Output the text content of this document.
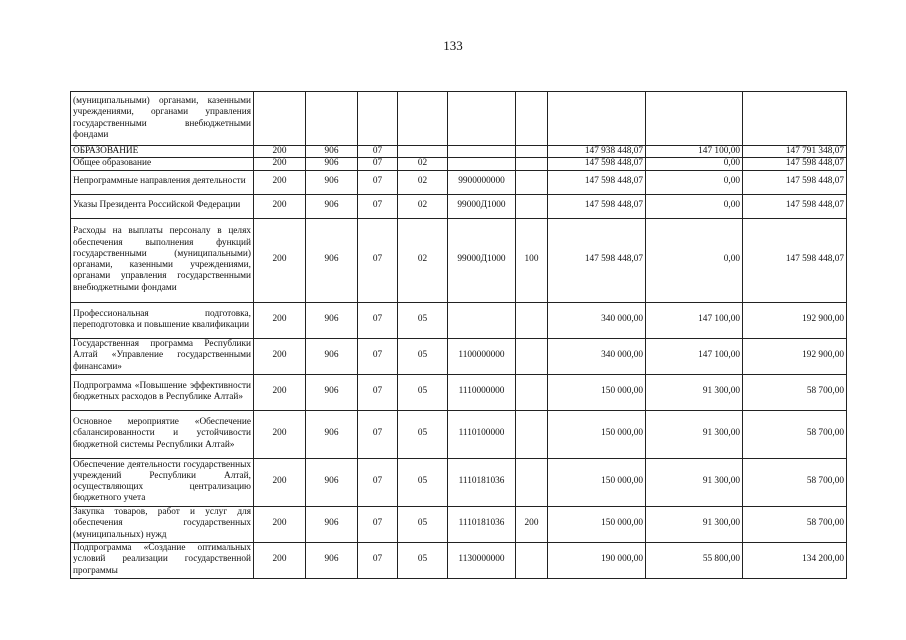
133
(муниципальными) органами, казенными учреждениями, органами управления государственными внебюджетными фондами									
ОБРАЗОВАНИЕ	200	906	07				147 938 448,07	147 100,00	147 791 348,07
Общее образование	200	906	07	02			147 598 448,07	0,00	147 598 448,07
Непрограммные направления деятельности	200	906	07	02	9900000000		147 598 448,07	0,00	147 598 448,07
Указы Президента Российской Федерации	200	906	07	02	99000Д1000		147 598 448,07	0,00	147 598 448,07
Расходы на выплаты персоналу в целях обеспечения выполнения функций государственными (муниципальными) органами, казенными учреждениями, органами управления государственными внебюджетными фондами	200	906	07	02	99000Д1000	100	147 598 448,07	0,00	147 598 448,07
Профессиональная подготовка, переподготовка и повышение квалификации	200	906	07	05			340 000,00	147 100,00	192 900,00
Государственная программа Республики Алтай «Управление государственными финансами»	200	906	07	05	1100000000		340 000,00	147 100,00	192 900,00
Подпрограмма «Повышение эффективности бюджетных расходов в Республике Алтай»	200	906	07	05	1110000000		150 000,00	91 300,00	58 700,00
Основное мероприятие «Обеспечение сбалансированности и устойчивости бюджетной системы Республики Алтай»	200	906	07	05	1110100000		150 000,00	91 300,00	58 700,00
Обеспечение деятельности государственных учреждений Республики Алтай, осуществляющих централизацию бюджетного учета	200	906	07	05	1110181036		150 000,00	91 300,00	58 700,00
Закупка товаров, работ и услуг для обеспечения государственных (муниципальных) нужд	200	906	07	05	1110181036	200	150 000,00	91 300,00	58 700,00
Подпрограмма «Создание оптимальных условий реализации государственной программы	200	906	07	05	1130000000		190 000,00	55 800,00	134 200,00
